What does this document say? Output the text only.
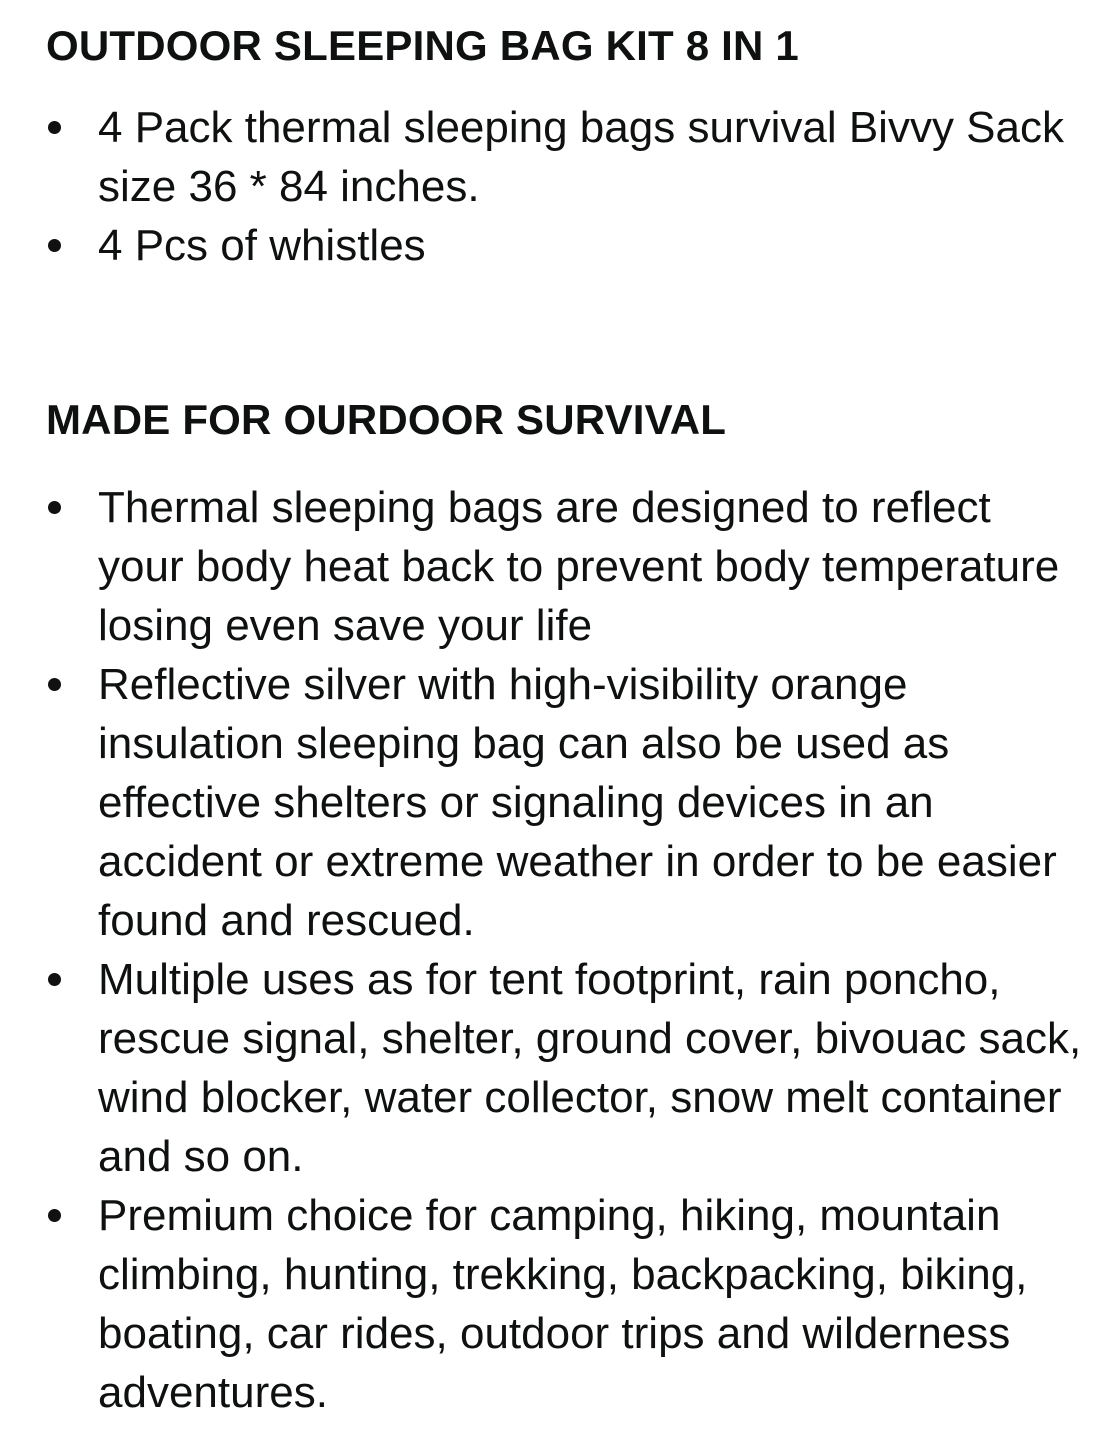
OUTDOOR SLEEPING BAG KIT 8 IN 1
4 Pack thermal sleeping bags survival Bivvy Sack size 36 * 84 inches.
4 Pcs of whistles
MADE FOR OURDOOR SURVIVAL
Thermal sleeping bags are designed to reflect your body heat back to prevent body temperature losing even save your life
Reflective silver with high-visibility orange insulation sleeping bag can also be used as effective shelters or signaling devices in an accident or extreme weather in order to be easier found and rescued.
Multiple uses as for tent footprint, rain poncho, rescue signal, shelter, ground cover, bivouac sack, wind blocker, water collector, snow melt container and so on.
Premium choice for camping, hiking, mountain climbing, hunting, trekking, backpacking, biking, boating, car rides, outdoor trips and wilderness adventures.
